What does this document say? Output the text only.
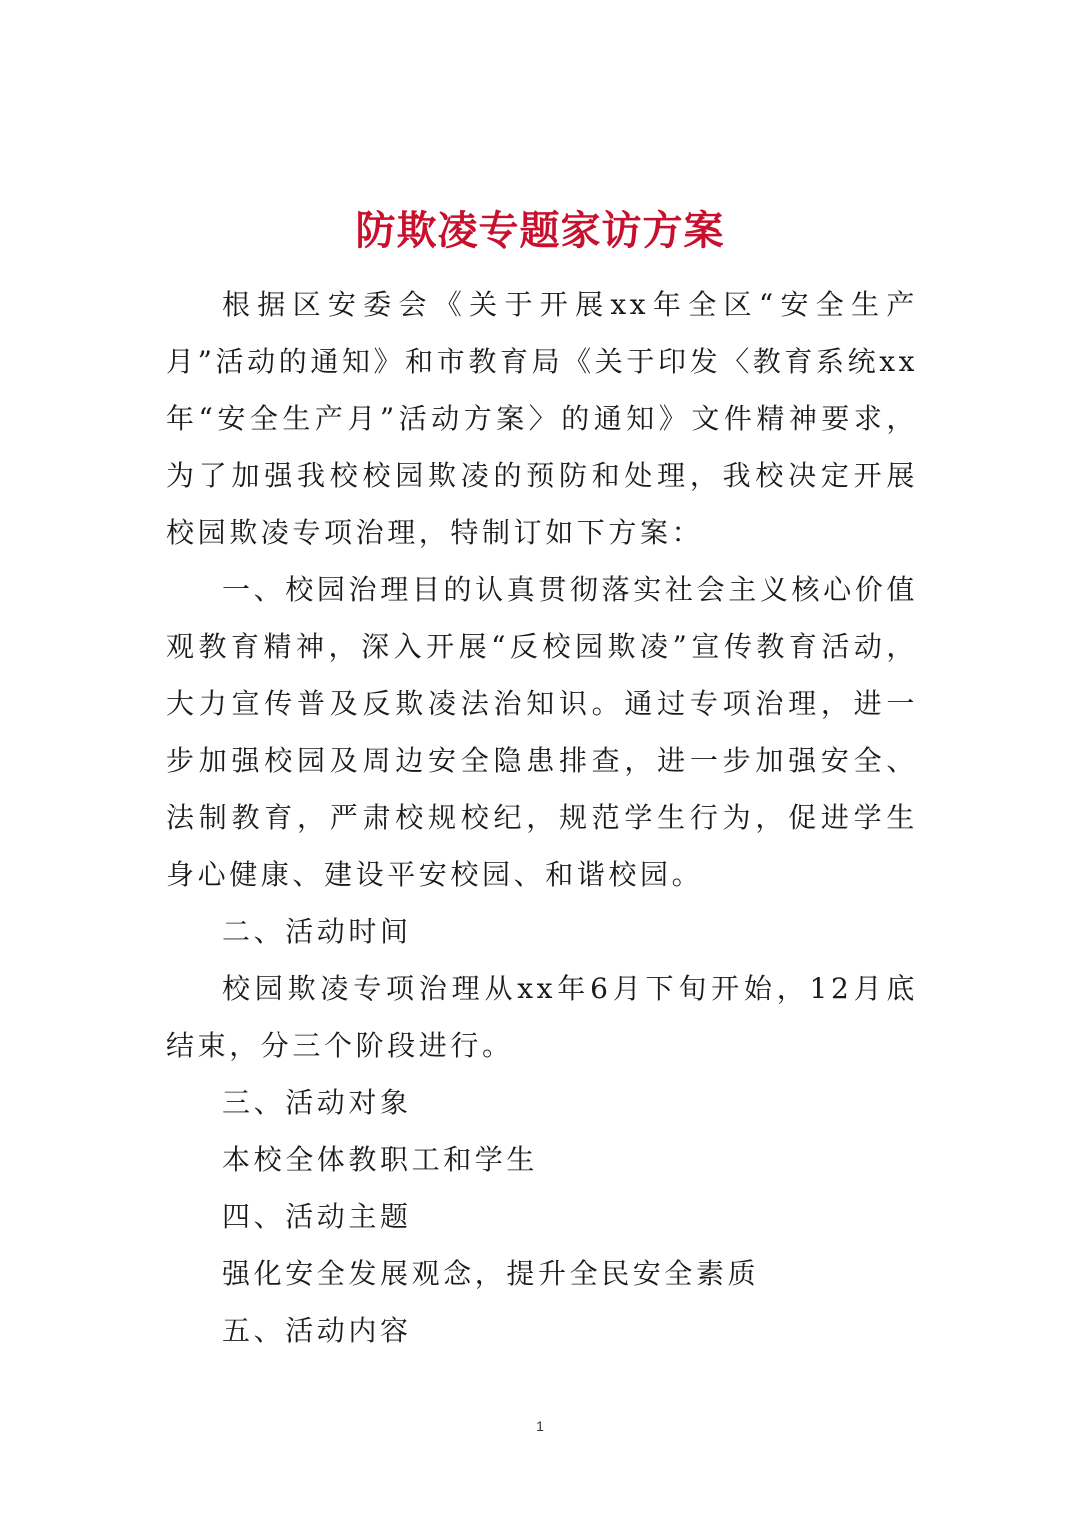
防欺凌专题家访方案

根据区安委会《关于开展xx年全区“安全生产月”活动的通知》和市教育局《关于印发〈教育系统xx年“安全生产月”活动方案〉的通知》文件精神要求，为了加强我校校园欺凌的预防和处理，我校决定开展校园欺凌专项治理，特制订如下方案：

一、校园治理目的认真贯彻落实社会主义核心价值观教育精神，深入开展“反校园欺凌”宣传教育活动，大力宣传普及反欺凌法治知识。通过专项治理，进一步加强校园及周边安全隐患排查，进一步加强安全、法制教育，严肃校规校纪，规范学生行为，促进学生身心健康、建设平安校园、和谐校园。

二、活动时间

校园欺凌专项治理从xx年6月下旬开始，12月底结束，分三个阶段进行。

三、活动对象

本校全体教职工和学生

四、活动主题

强化安全发展观念，提升全民安全素质

五、活动内容

1
